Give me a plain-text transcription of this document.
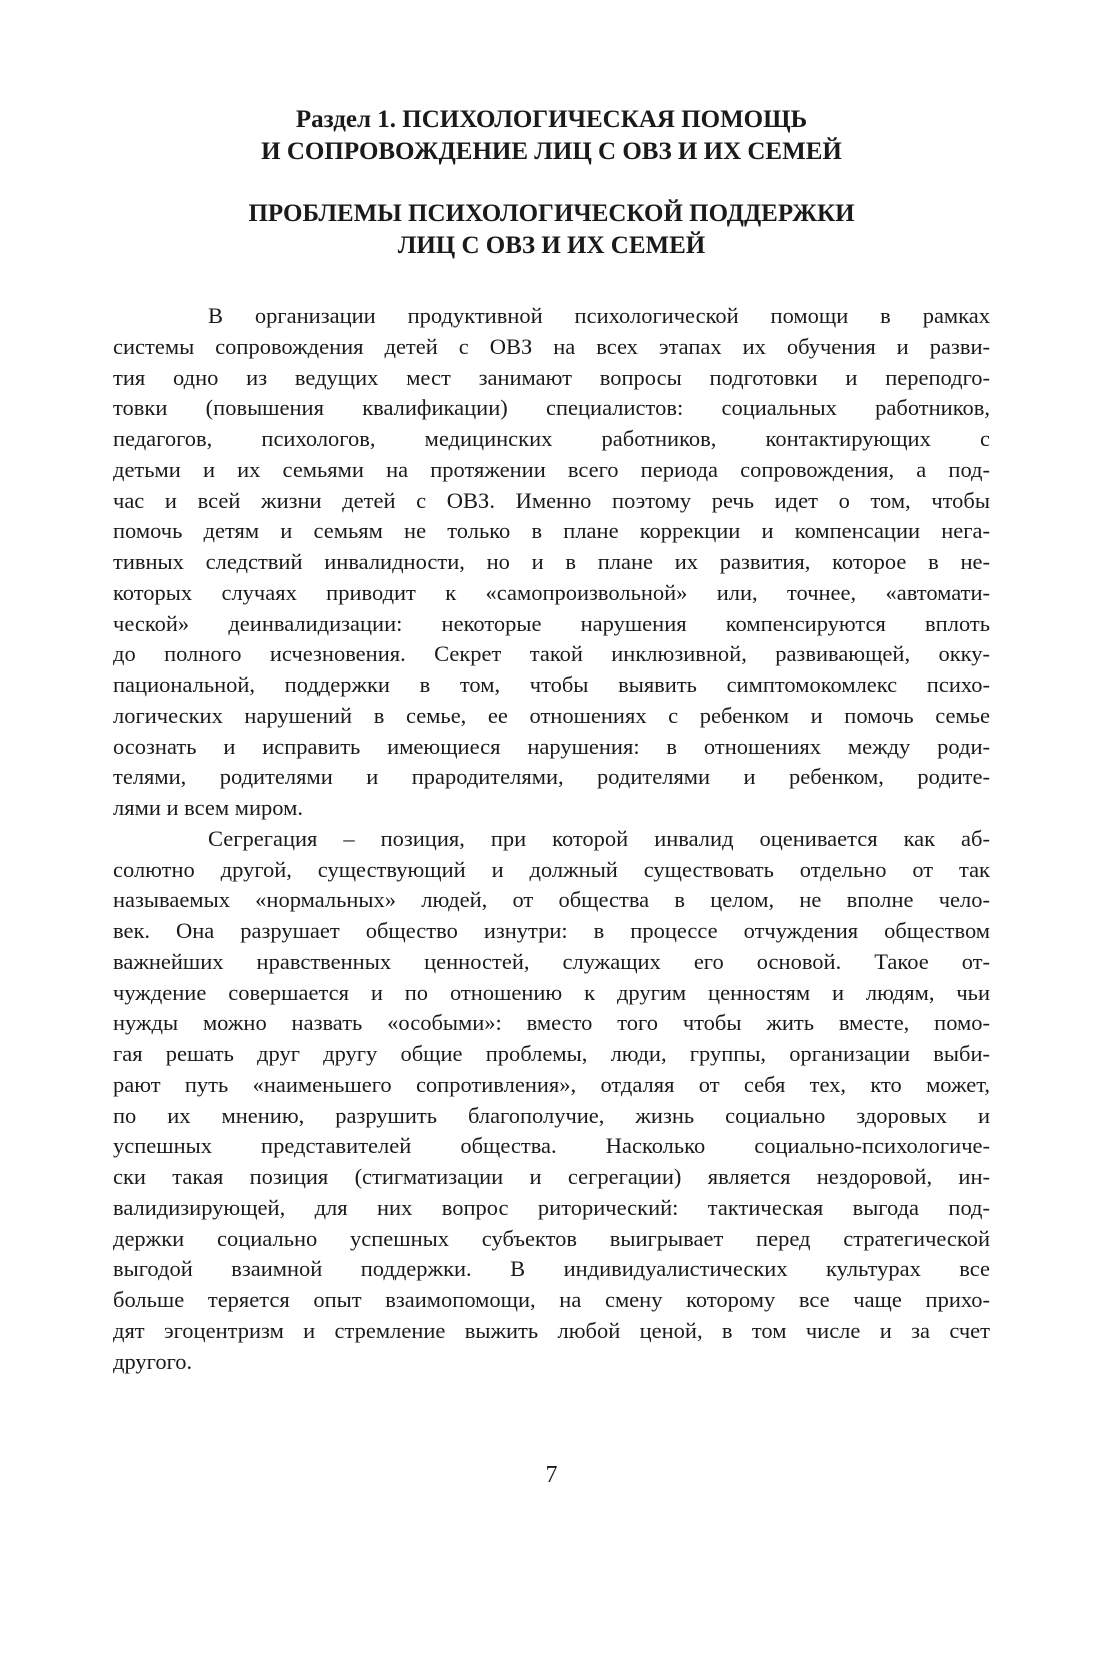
Раздел 1. ПСИХОЛОГИЧЕСКАЯ ПОМОЩЬ
И СОПРОВОЖДЕНИЕ ЛИЦ С ОВЗ И ИХ СЕМЕЙ
ПРОБЛЕМЫ ПСИХОЛОГИЧЕСКОЙ ПОДДЕРЖКИ
ЛИЦ С ОВЗ И ИХ СЕМЕЙ

В организации продуктивной психологической помощи в рамках
системы сопровождения детей с ОВЗ на всех этапах их обучения и разви-
тия одно из ведущих мест занимают вопросы подготовки и переподго-
товки (повышения квалификации) специалистов: социальных работников,
педагогов, психологов, медицинских работников, контактирующих с
детьми и их семьями на протяжении всего периода сопровождения, а под-
час и всей жизни детей с ОВЗ. Именно поэтому речь идет о том, чтобы
помочь детям и семьям не только в плане коррекции и компенсации нега-
тивных следствий инвалидности, но и в плане их развития, которое в не-
которых случаях приводит к «самопроизвольной» или, точнее, «автомати-
ческой» деинвалидизации: некоторые нарушения компенсируются вплоть
до полного исчезновения. Секрет такой инклюзивной, развивающей, окку-
пациональной, поддержки в том, чтобы выявить симптомокомлекс психо-
логических нарушений в семье, ее отношениях с ребенком и помочь семье
осознать и исправить имеющиеся нарушения: в отношениях между роди-
телями, родителями и прародителями, родителями и ребенком, родите-
лями и всем миром.

Сегрегация – позиция, при которой инвалид оценивается как аб-
солютно другой, существующий и должный существовать отдельно от так
называемых «нормальных» людей, от общества в целом, не вполне чело-
век. Она разрушает общество изнутри: в процессе отчуждения обществом
важнейших нравственных ценностей, служащих его основой. Такое от-
чуждение совершается и по отношению к другим ценностям и людям, чьи
нужды можно назвать «особыми»: вместо того чтобы жить вместе, помо-
гая решать друг другу общие проблемы, люди, группы, организации выби-
рают путь «наименьшего сопротивления», отдаляя от себя тех, кто может,
по их мнению, разрушить благополучие, жизнь социально здоровых и
успешных представителей общества. Насколько социально-психологиче-
ски такая позиция (стигматизации и сегрегации) является нездоровой, ин-
валидизирующей, для них вопрос риторический: тактическая выгода под-
держки социально успешных субъектов выигрывает перед стратегической
выгодой взаимной поддержки. В индивидуалистических культурах все
больше теряется опыт взаимопомощи, на смену которому все чаще прихо-
дят эгоцентризм и стремление выжить любой ценой, в том числе и за счет
другого.

7
